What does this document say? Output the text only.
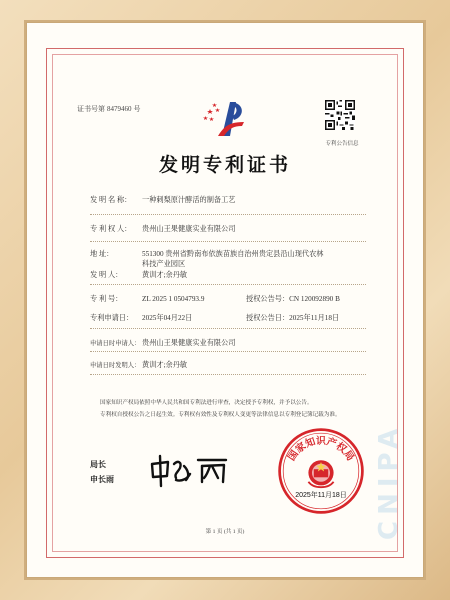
CNIPA
证书号第 8479460 号
专利公告信息
发明专利证书
发 明 名 称： 一种刺梨原汁酵活的制备工艺
专 利 权 人： 贵州山王果健康实业有限公司
地 址：	551300 贵州省黔南布依族苗族自治州贵定县沿山现代农林
科技产业园区
发 明 人：	黄训才;余丹敏
专 利 号：	ZL 2025 1 0504793.9	授权公告号：CN 120092890 B
专利申请日： 2025年04月22日	授权公告日：2025年11月18日
申请日时申请人： 贵州山王果健康实业有限公司
申请日时发明人： 黄训才;余丹敏
国家知识产权局依照中华人民共和国专利法进行审查，决定授予专利权，并予以公告。
专利权自授权公告之日起生效。专利权有效性及专利权人变更等法律信息以专利登记簿记载为准。
局长
申长雨
国家知识产权局
2025年11月18日
第 1 页 (共 1 页)
